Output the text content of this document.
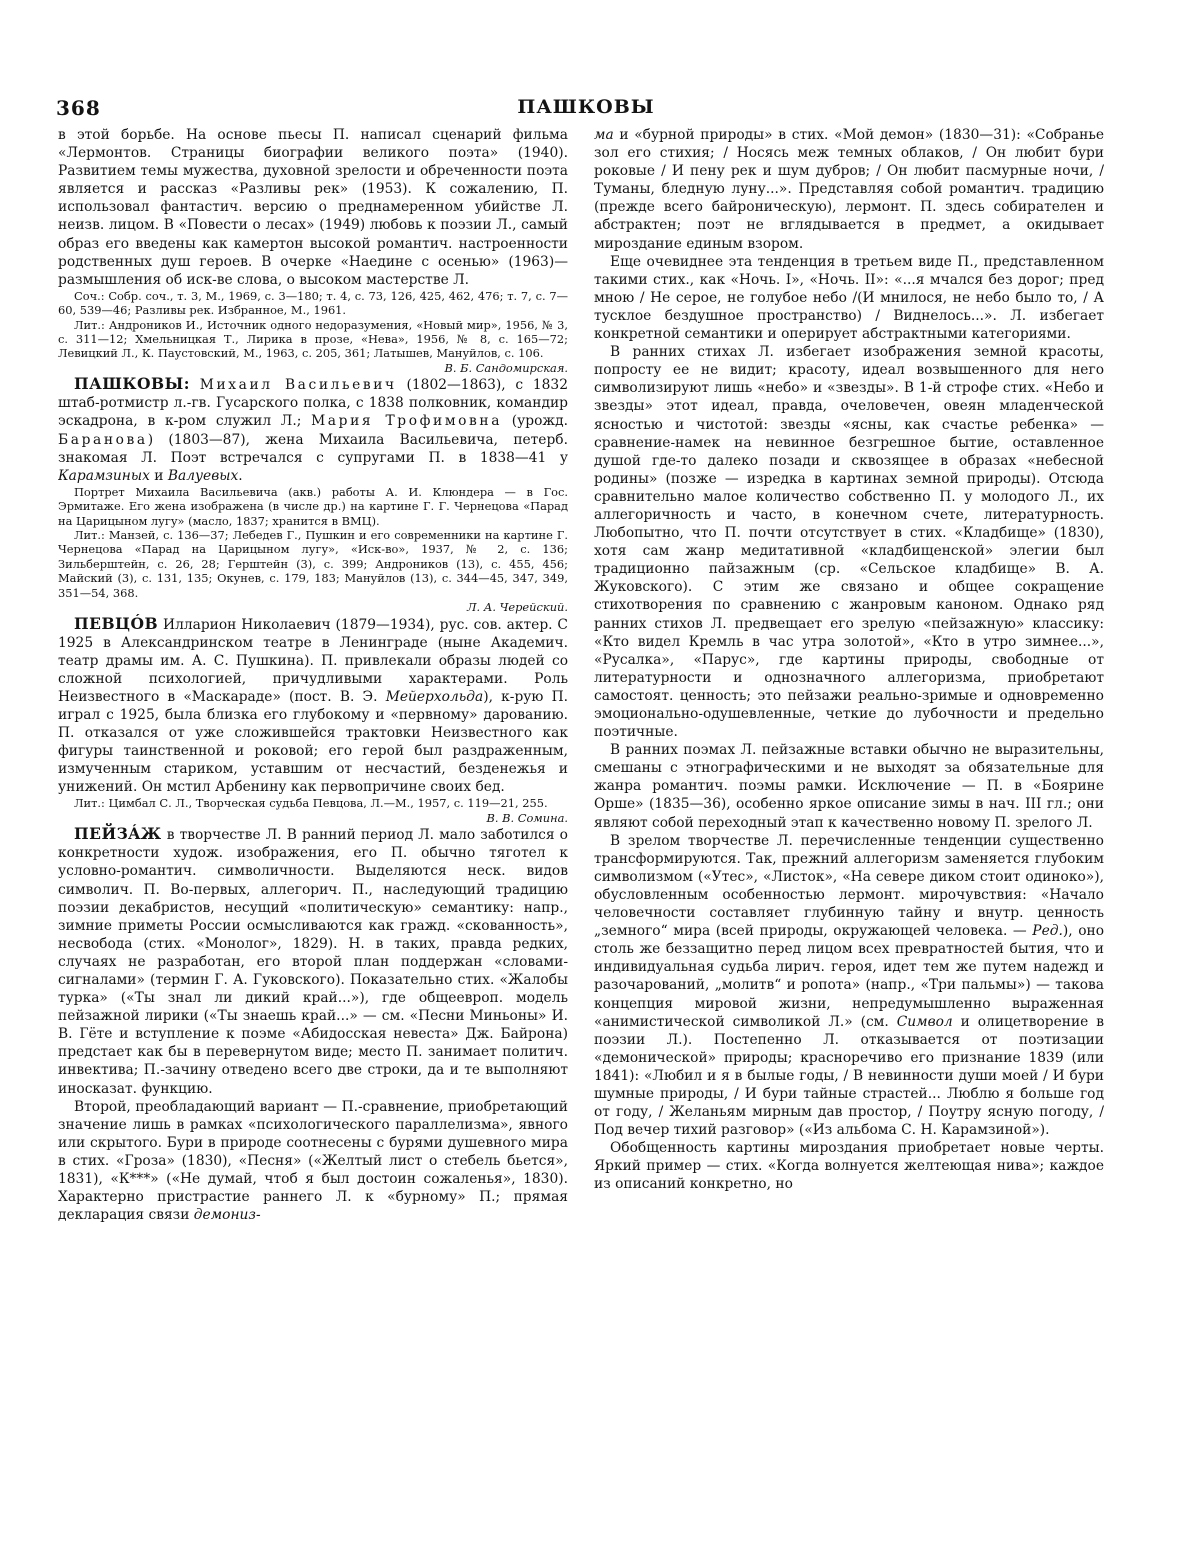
368	ПАШКОВЫ

в этой борьбе. На основе пьесы П. написал сценарий фильма «Лермонтов. Страницы биографии великого поэта» (1940). Развитием темы мужества, духовной зрелости и обреченности поэта является и рассказ «Разливы рек» (1953). К сожалению, П. использовал фантастич. версию о преднамеренном убийстве Л. неизв. лицом. В «Повести о лесах» (1949) любовь к поэзии Л., самый образ его введены как камертон высокой романтич. настроенности родственных душ героев. В очерке «Наедине с осенью» (1963)— размышления об иск-ве слова, о высоком мастерстве Л.

Соч.: Собр. соч., т. 3, М., 1969, с. 3—180; т. 4, с. 73, 126, 425, 462, 476; т. 7, с. 7—60, 539—46; Разливы рек. Избранное, М., 1961.

Лит.: Андроников И., Источник одного недоразумения, «Новый мир», 1956, № 3, с. 311—12; Хмельницкая Т., Лирика в прозе, «Нева», 1956, № 8, с. 165—72; Левицкий Л., К. Паустовский, М., 1963, с. 205, 361; Латышев, Мануйлов, с. 106.

В. Б. Сандомирская.

ПАШКОВЫ: Михаил Васильевич (1802—1863), с 1832 штаб-ротмистр л.-гв. Гусарского полка, с 1838 полковник, командир эскадрона, в к-ром служил Л.; Мария Трофимовна (урожд. Баранова) (1803—87), жена Михаила Васильевича, петерб. знакомая Л. Поэт встречался с супругами П. в 1838—41 у Карамзиных и Валуевых.

Портрет Михаила Васильевича (акв.) работы А. И. Клюндера — в Гос. Эрмитаже. Его жена изображена (в числе др.) на картине Г. Г. Чернецова «Парад на Царицыном лугу» (масло, 1837; хранится в ВМЦ).

Лит.: Манзей, с. 136—37; Лебедев Г., Пушкин и его современники на картине Г. Чернецова «Парад на Царицыном лугу», «Иск-во», 1937, № 2, с. 136; Зильберштейн, с. 26, 28; Герштейн (3), с. 399; Андроников (13), с. 455, 456; Майский (3), с. 131, 135; Окунев, с. 179, 183; Мануйлов (13), с. 344—45, 347, 349, 351—54, 368.

Л. А. Черейский.

ПЕВЦÓВ Илларион Николаевич (1879—1934), рус. сов. актер. С 1925 в Александринском театре в Ленинграде (ныне Академич. театр драмы им. А. С. Пушкина). П. привлекали образы людей со сложной психологией, причудливыми характерами. Роль Неизвестного в «Маскараде» (пост. В. Э. Мейерхольда), к-рую П. играл с 1925, была близка его глубокому и «первному» дарованию. П. отказался от уже сложившейся трактовки Неизвестного как фигуры таинственной и роковой; его герой был раздраженным, измученным стариком, уставшим от несчастий, безденежья и унижений. Он мстил Арбенину как первопричине своих бед.

Лит.: Цимбал С. Л., Творческая судьба Певцова, Л.—М., 1957, с. 119—21, 255.

В. В. Сомина.

ПЕЙЗÁЖ в творчестве Л. В ранний период Л. мало заботился о конкретности худож. изображения, его П. обычно тяготел к условно-романтич. символичности. Выделяются неск. видов символич. П. Во-первых, аллегорич. П., наследующий традицию поэзии декабристов, несущий «политическую» семантику: напр., зимние приметы России осмысливаются как гражд. «скованность», несвобода (стих. «Монолог», 1829). Н. в таких, правда редких, случаях не разработан, его второй план поддержан «словами-сигналами» (термин Г. А. Гуковского). Показательно стих. «Жалобы турка» («Ты знал ли дикий край...»), где общеевроп. модель пейзажной лирики («Ты знаешь край...» — см. «Песни Миньоны» И. В. Гёте и вступление к поэме «Абидосская невеста» Дж. Байрона) предстает как бы в перевернутом виде; место П. занимает политич. инвектива; П.-зачину отведено всего две строки, да и те выполняют иносказат. функцию.

Второй, преобладающий вариант — П.-сравнение, приобретающий значение лишь в рамках «психологического параллелизма», явного или скрытого. Бури в природе соотнесены с бурями душевного мира в стих. «Гроза» (1830), «Песня» («Желтый лист о стебель бьется», 1831), «К***» («Не думай, чтоб я был достоин сожаленья», 1830). Характерно пристрастие раннего Л. к «бурному» П.; прямая декларация связи демониз-

ма и «бурной природы» в стих. «Мой демон» (1830—31): «Собранье зол его стихия; / Носясь меж темных облаков, / Он любит бури роковые / И пену рек и шум дубров; / Он любит пасмурные ночи, / Туманы, бледную луну...». Представляя собой романтич. традицию (прежде всего байроническую), лермонт. П. здесь собирателен и абстрактен; поэт не вглядывается в предмет, а окидывает мироздание единым взором.

Еще очевиднее эта тенденция в третьем виде П., представленном такими стих., как «Ночь. I», «Ночь. II»: «...я мчался без дорог; пред мною / Не серое, не голубое небо /(И мнилося, не небо было то, / А тусклое бездушное пространство) / Виднелось...». Л. избегает конкретной семантики и оперирует абстрактными категориями.

В ранних стихах Л. избегает изображения земной красоты, попросту ее не видит; красоту, идеал возвышенного для него символизируют лишь «небо» и «звезды». В 1-й строфе стих. «Небо и звезды» этот идеал, правда, очеловечен, овеян младенческой ясностью и чистотой: звезды «ясны, как счастье ребенка» — сравнение-намек на невинное безгрешное бытие, оставленное душой где-то далеко позади и сквозящее в образах «небесной родины» (позже — изредка в картинах земной природы). Отсюда сравнительно малое количество собственно П. у молодого Л., их аллегоричность и часто, в конечном счете, литературность. Любопытно, что П. почти отсутствует в стих. «Кладбище» (1830), хотя сам жанр медитативной «кладбищенской» элегии был традиционно пайзажным (ср. «Сельское кладбище» В. А. Жуковского). С этим же связано и общее сокращение стихотворения по сравнению с жанровым каноном. Однако ряд ранних стихов Л. предвещает его зрелую «пейзажную» классику: «Кто видел Кремль в час утра золотой», «Кто в утро зимнее...», «Русалка», «Парус», где картины природы, свободные от литературности и однозначного аллегоризма, приобретают самостоят. ценность; это пейзажи реально-зримые и одновременно эмоционально-одушевленные, четкие до лубочности и предельно поэтичные.

В ранних поэмах Л. пейзажные вставки обычно не выразительны, смешаны с этнографическими и не выходят за обязательные для жанра романтич. поэмы рамки. Исключение — П. в «Боярине Орше» (1835—36), особенно яркое описание зимы в нач. III гл.; они являют собой переходный этап к качественно новому П. зрелого Л.

В зрелом творчестве Л. перечисленные тенденции существенно трансформируются. Так, прежний аллегоризм заменяется глубоким символизмом («Утес», «Листок», «На севере диком стоит одиноко»), обусловленным особенностью лермонт. мирочувствия: «Начало человечности составляет глубинную тайну и внутр. ценность „земного“ мира (всей природы, окружающей человека. — Ред.), оно столь же беззащитно перед лицом всех превратностей бытия, что и индивидуальная судьба лирич. героя, идет тем же путем надежд и разочарований, „молитв“ и ропота» (напр., «Три пальмы») — такова концепция мировой жизни, непредумышленно выраженная «анимистической символикой Л.» (см. Символ и олицетворение в поэзии Л.). Постепенно Л. отказывается от поэтизации «демонической» природы; красноречиво его признание 1839 (или 1841): «Любил и я в былые годы, / В невинности души моей / И бури шумные природы, / И бури тайные страстей... Люблю я больше год от году, / Желаньям мирным дав простор, / Поутру ясную погоду, / Под вечер тихий разговор» («Из альбома С. Н. Карамзиной»).

Обобщенность картины мироздания приобретает новые черты. Яркий пример — стих. «Когда волнуется желтеющая нива»; каждое из описаний конкретно, но
